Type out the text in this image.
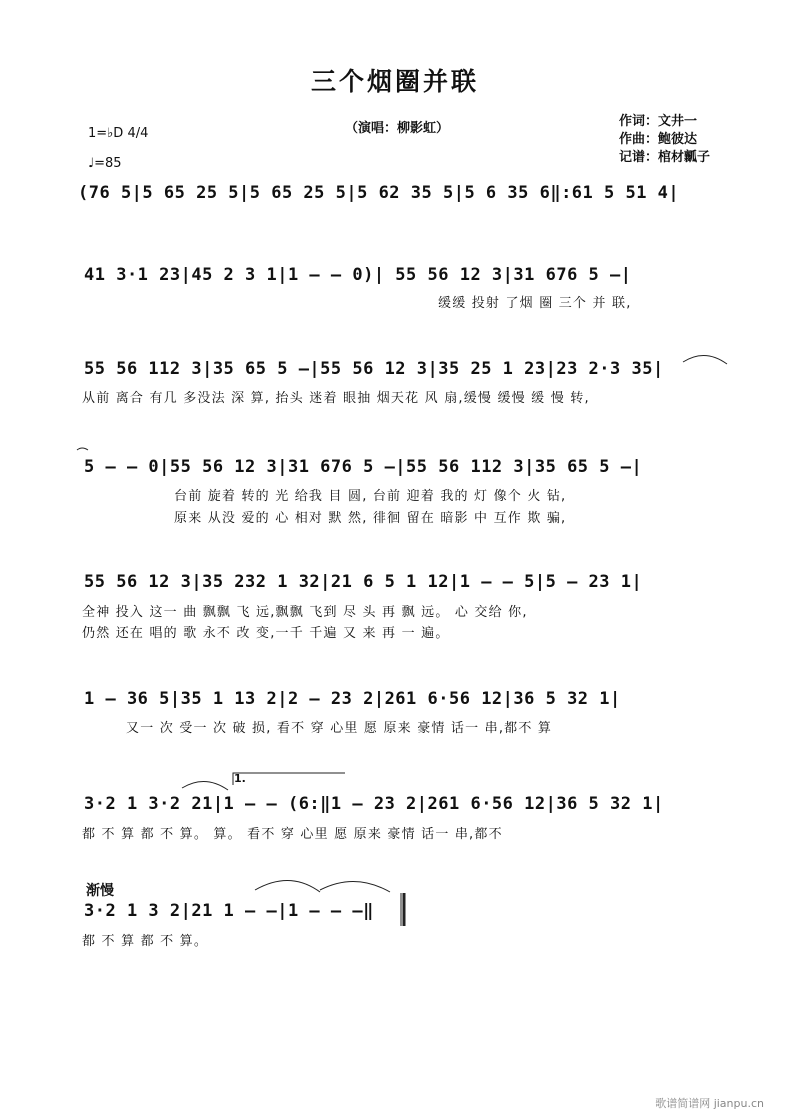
三个烟圈并联
（演唱：柳影虹）	作词：文井一
作曲：鲍彼达
记谱：棺材瓤子
1=♭D 4/4
♩=85
(76 5|5 65 25 5|5 65 25 5|5 62 35 5|5 6 35 6‖:61 5 51 4|
41 3·1 23|45 2 3 1|1 – – 0)| 55 56 12 3|31 676 5 –|
缓缓 投射 了烟 圈 三个 并 联,
55 56 112 3|35 65 5 –|55 56 12 3|35 25 1 23|23 2·3 35|
从前 离合 有几 多没法 深 算, 抬头 迷着 眼抽 烟天花 风 扇,缓慢 缓慢 缓 慢 转,
5 – – 0|55 56 12 3|31 676 5 –|55 56 112 3|35 65 5 –|
台前 旋着 转的 光 给我 目 圆, 台前 迎着 我的 灯 像个 火 钻,
原来 从没 爱的 心 相对 默 然, 徘徊 留在 暗影 中 互作 欺 骗,
55 56 12 3|35 232 1 32|21 6 5 1 12|1 – – 5|5 – 23 1|
全神 投入 这一 曲 飘飘 飞 远,飘飘 飞到 尽 头 再 飘 远。 心 交给 你,
仍然 还在 唱的 歌 永不 改 变,一千 千遍 又 来 再 一 遍。
1 – 36 5|35 1 13 2|2 – 23 2|261 6·56 12|36 5 32 1|
又一 次 受一 次 破 损, 看不 穿 心里 愿 原来 豪情 话一 串,都不 算
1.
3·2 1 3·2 21|1 – – (6:‖1 – 23 2|261 6·56 12|36 5 32 1|
都 不 算 都 不 算。 算。 看不 穿 心里 愿 原来 豪情 话一 串,都不
渐慢
3·2 1 3 2|21 1 – –|1 – – –‖
都 不 算 都 不 算。
歌谱简谱网 jianpu.cn
